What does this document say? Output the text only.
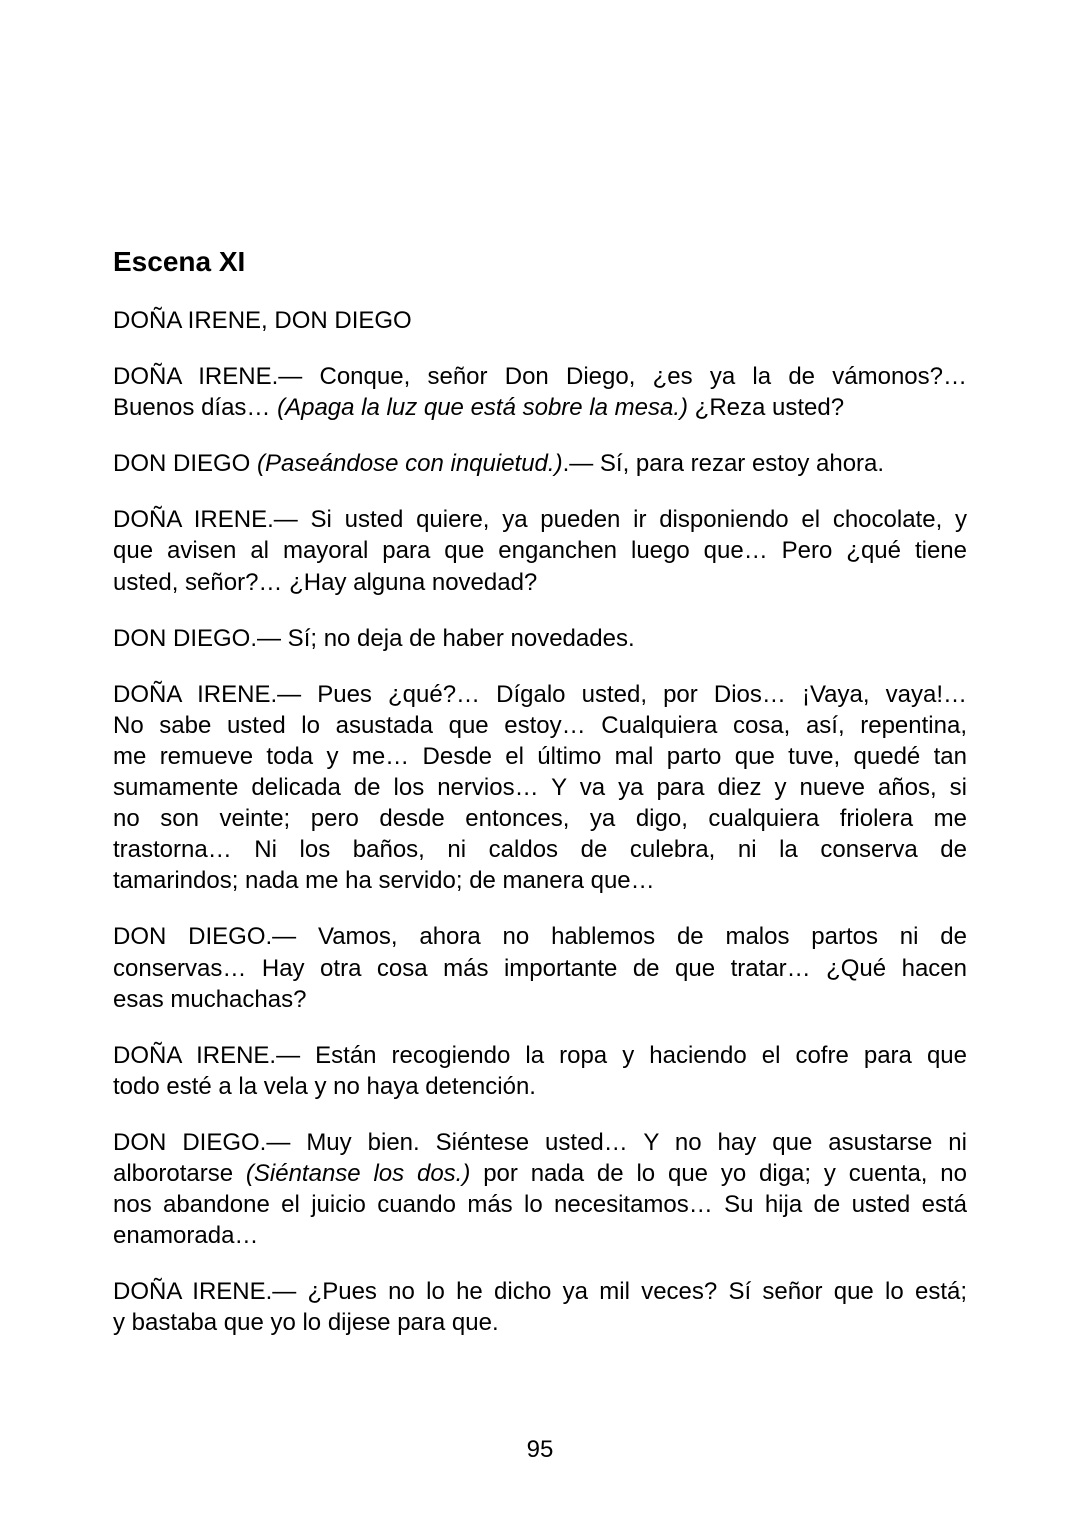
Escena XI
DOÑA IRENE, DON DIEGO
DOÑA IRENE.— Conque, señor Don Diego, ¿es ya la de vámonos?…
Buenos días… (Apaga la luz que está sobre la mesa.) ¿Reza usted?
DON DIEGO (Paseándose con inquietud.).— Sí, para rezar estoy ahora.
DOÑA IRENE.— Si usted quiere, ya pueden ir disponiendo el chocolate, y
que avisen al mayoral para que enganchen luego que… Pero ¿qué tiene
usted, señor?… ¿Hay alguna novedad?
DON DIEGO.— Sí; no deja de haber novedades.
DOÑA IRENE.— Pues ¿qué?… Dígalo usted, por Dios… ¡Vaya, vaya!…
No sabe usted lo asustada que estoy… Cualquiera cosa, así, repentina,
me remueve toda y me… Desde el último mal parto que tuve, quedé tan
sumamente delicada de los nervios… Y va ya para diez y nueve años, si
no son veinte; pero desde entonces, ya digo, cualquiera friolera me
trastorna… Ni los baños, ni caldos de culebra, ni la conserva de
tamarindos; nada me ha servido; de manera que…
DON DIEGO.— Vamos, ahora no hablemos de malos partos ni de
conservas… Hay otra cosa más importante de que tratar… ¿Qué hacen
esas muchachas?
DOÑA IRENE.— Están recogiendo la ropa y haciendo el cofre para que
todo esté a la vela y no haya detención.
DON DIEGO.— Muy bien. Siéntese usted… Y no hay que asustarse ni
alborotarse (Siéntanse los dos.) por nada de lo que yo diga; y cuenta, no
nos abandone el juicio cuando más lo necesitamos… Su hija de usted está
enamorada…
DOÑA IRENE.— ¿Pues no lo he dicho ya mil veces? Sí señor que lo está;
y bastaba que yo lo dijese para que.
95
